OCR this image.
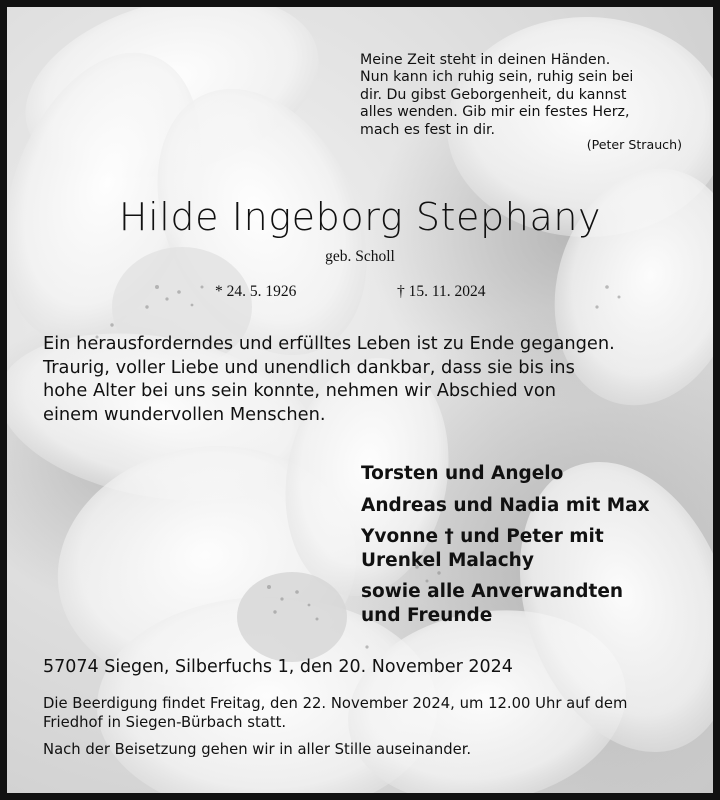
Meine Zeit steht in deinen Händen.
Nun kann ich ruhig sein, ruhig sein bei
dir. Du gibst Geborgenheit, du kannst
alles wenden. Gib mir ein festes Herz,
mach es fest in dir.
(Peter Strauch)
Hilde Ingeborg Stephany
geb. Scholl
* 24. 5. 1926	† 15. 11. 2024
Ein herausforderndes und erfülltes Leben ist zu Ende gegangen.
Traurig, voller Liebe und unendlich dankbar, dass sie bis ins
hohe Alter bei uns sein konnte, nehmen wir Abschied von
einem wundervollen Menschen.
Torsten und Angelo
Andreas und Nadia mit Max
Yvonne † und Peter mit
Urenkel Malachy
sowie alle Anverwandten
und Freunde
57074 Siegen, Silberfuchs 1, den 20. November 2024
Die Beerdigung findet Freitag, den 22. November 2024, um 12.00 Uhr auf dem
Friedhof in Siegen-Bürbach statt.
Nach der Beisetzung gehen wir in aller Stille auseinander.
